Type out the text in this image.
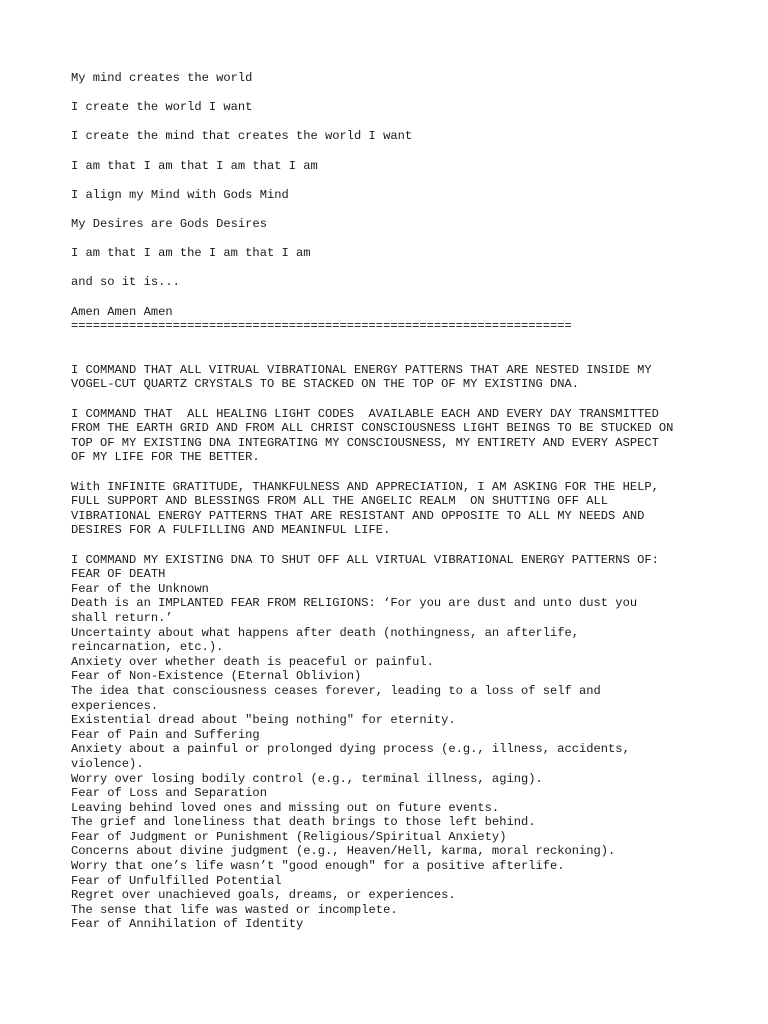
My mind creates the world

I create the world I want

I create the mind that creates the world I want

I am that I am that I am that I am

I align my Mind with Gods Mind

My Desires are Gods Desires

I am that I am the I am that I am

and so it is...

Amen Amen Amen

=====================================================================

I COMMAND THAT ALL VITRUAL VIBRATIONAL ENERGY PATTERNS THAT ARE NESTED INSIDE MY

VOGEL-CUT QUARTZ CRYSTALS TO BE STACKED ON THE TOP OF MY EXISTING DNA.

I COMMAND THAT  ALL HEALING LIGHT CODES  AVAILABLE EACH AND EVERY DAY TRANSMITTED

FROM THE EARTH GRID AND FROM ALL CHRIST CONSCIOUSNESS LIGHT BEINGS TO BE STUCKED ON

TOP OF MY EXISTING DNA INTEGRATING MY CONSCIOUSNESS, MY ENTIRETY AND EVERY ASPECT

OF MY LIFE FOR THE BETTER.

With INFINITE GRATITUDE, THANKFULNESS AND APPRECIATION, I AM ASKING FOR THE HELP,

FULL SUPPORT AND BLESSINGS FROM ALL THE ANGELIC REALM  ON SHUTTING OFF ALL

VIBRATIONAL ENERGY PATTERNS THAT ARE RESISTANT AND OPPOSITE TO ALL MY NEEDS AND

DESIRES FOR A FULFILLING AND MEANINFUL LIFE.

I COMMAND MY EXISTING DNA TO SHUT OFF ALL VIRTUAL VIBRATIONAL ENERGY PATTERNS OF:

FEAR OF DEATH

Fear of the Unknown

Death is an IMPLANTED FEAR FROM RELIGIONS: ‘For you are dust and unto dust you

shall return.’

Uncertainty about what happens after death (nothingness, an afterlife,

reincarnation, etc.).

Anxiety over whether death is peaceful or painful.

Fear of Non-Existence (Eternal Oblivion)

The idea that consciousness ceases forever, leading to a loss of self and

experiences.

Existential dread about "being nothing" for eternity.

Fear of Pain and Suffering

Anxiety about a painful or prolonged dying process (e.g., illness, accidents,

violence).

Worry over losing bodily control (e.g., terminal illness, aging).

Fear of Loss and Separation

Leaving behind loved ones and missing out on future events.

The grief and loneliness that death brings to those left behind.

Fear of Judgment or Punishment (Religious/Spiritual Anxiety)

Concerns about divine judgment (e.g., Heaven/Hell, karma, moral reckoning).

Worry that one’s life wasn’t "good enough" for a positive afterlife.

Fear of Unfulfilled Potential

Regret over unachieved goals, dreams, or experiences.

The sense that life was wasted or incomplete.

Fear of Annihilation of Identity
